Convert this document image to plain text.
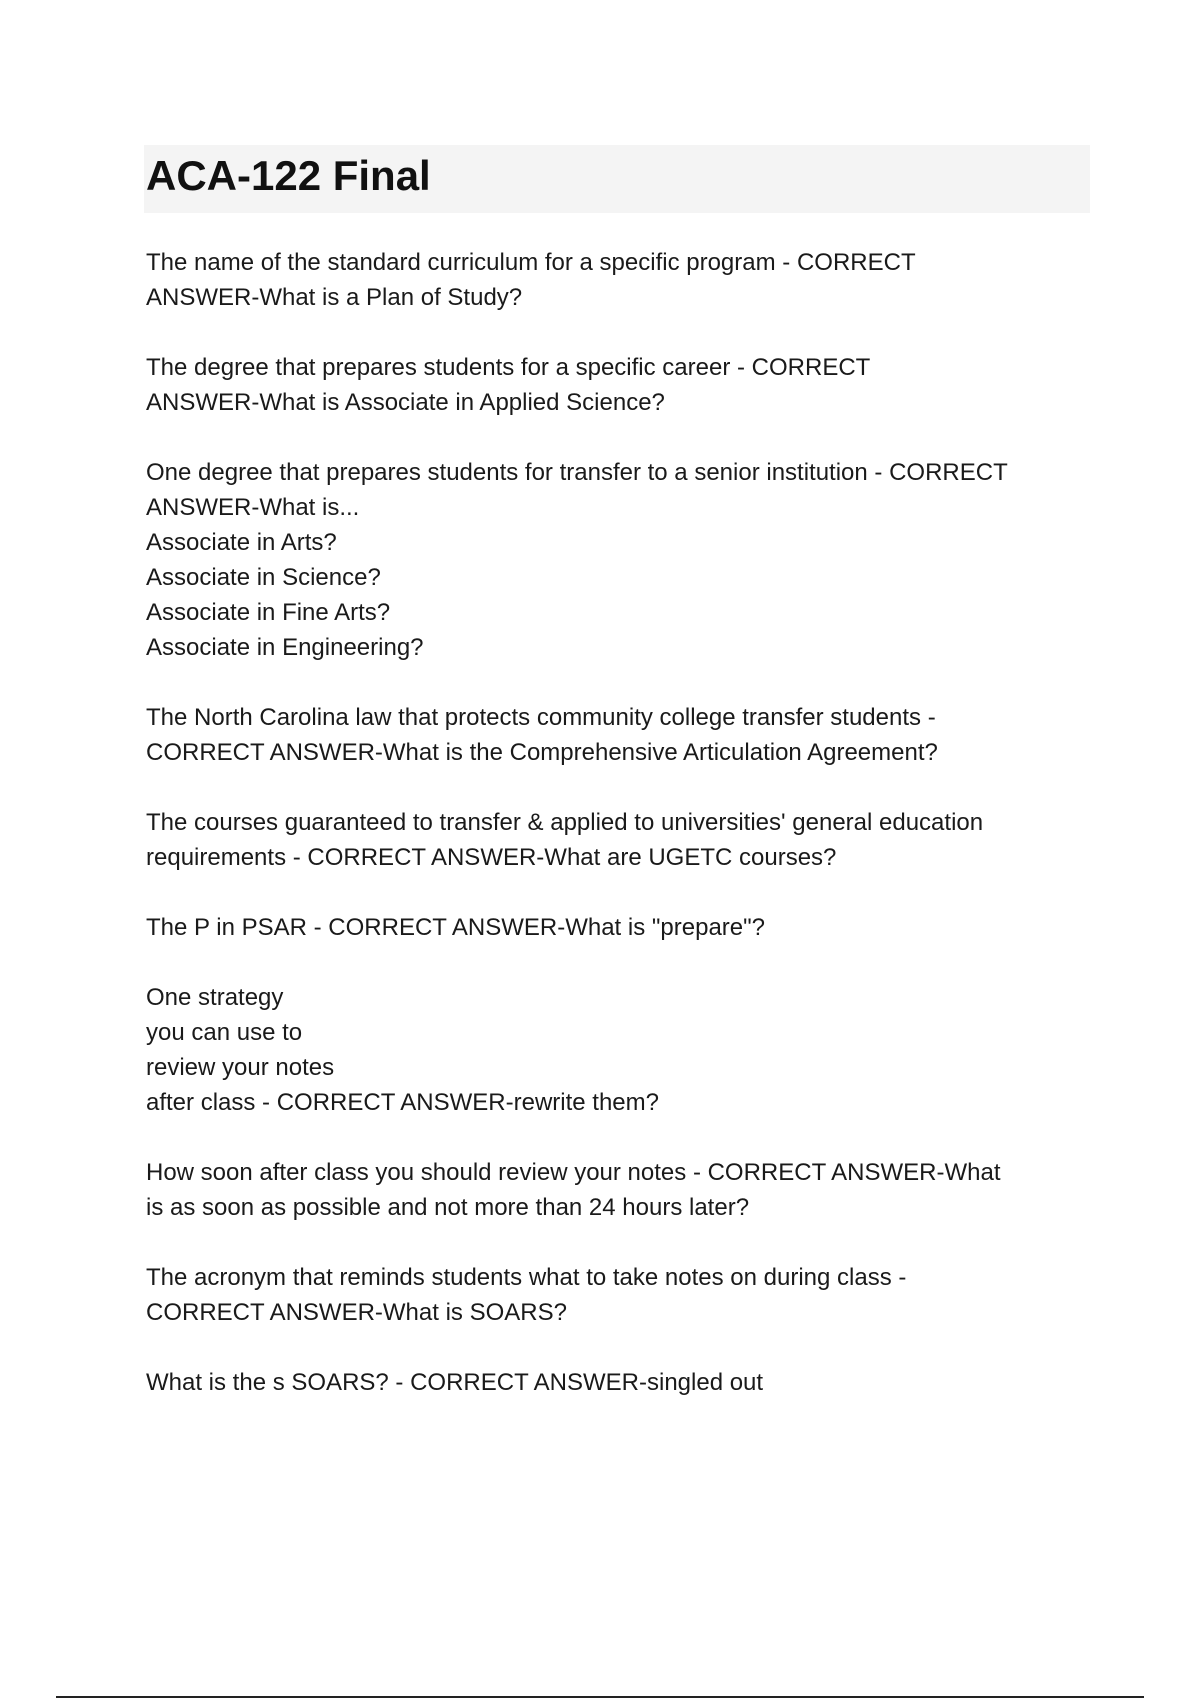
ACA-122 Final

The name of the standard curriculum for a specific program - CORRECT
ANSWER-What is a Plan of Study?

The degree that prepares students for a specific career - CORRECT
ANSWER-What is Associate in Applied Science?

One degree that prepares students for transfer to a senior institution - CORRECT
ANSWER-What is...
Associate in Arts?
Associate in Science?
Associate in Fine Arts?
Associate in Engineering?

The North Carolina law that protects community college transfer students -
CORRECT ANSWER-What is the Comprehensive Articulation Agreement?

The courses guaranteed to transfer & applied to universities' general education
requirements - CORRECT ANSWER-What are UGETC courses?

The P in PSAR - CORRECT ANSWER-What is "prepare"?

One strategy
you can use to
review your notes
after class - CORRECT ANSWER-rewrite them?

How soon after class you should review your notes - CORRECT ANSWER-What
is as soon as possible and not more than 24 hours later?

The acronym that reminds students what to take notes on during class -
CORRECT ANSWER-What is SOARS?

What is the s SOARS? - CORRECT ANSWER-singled out
